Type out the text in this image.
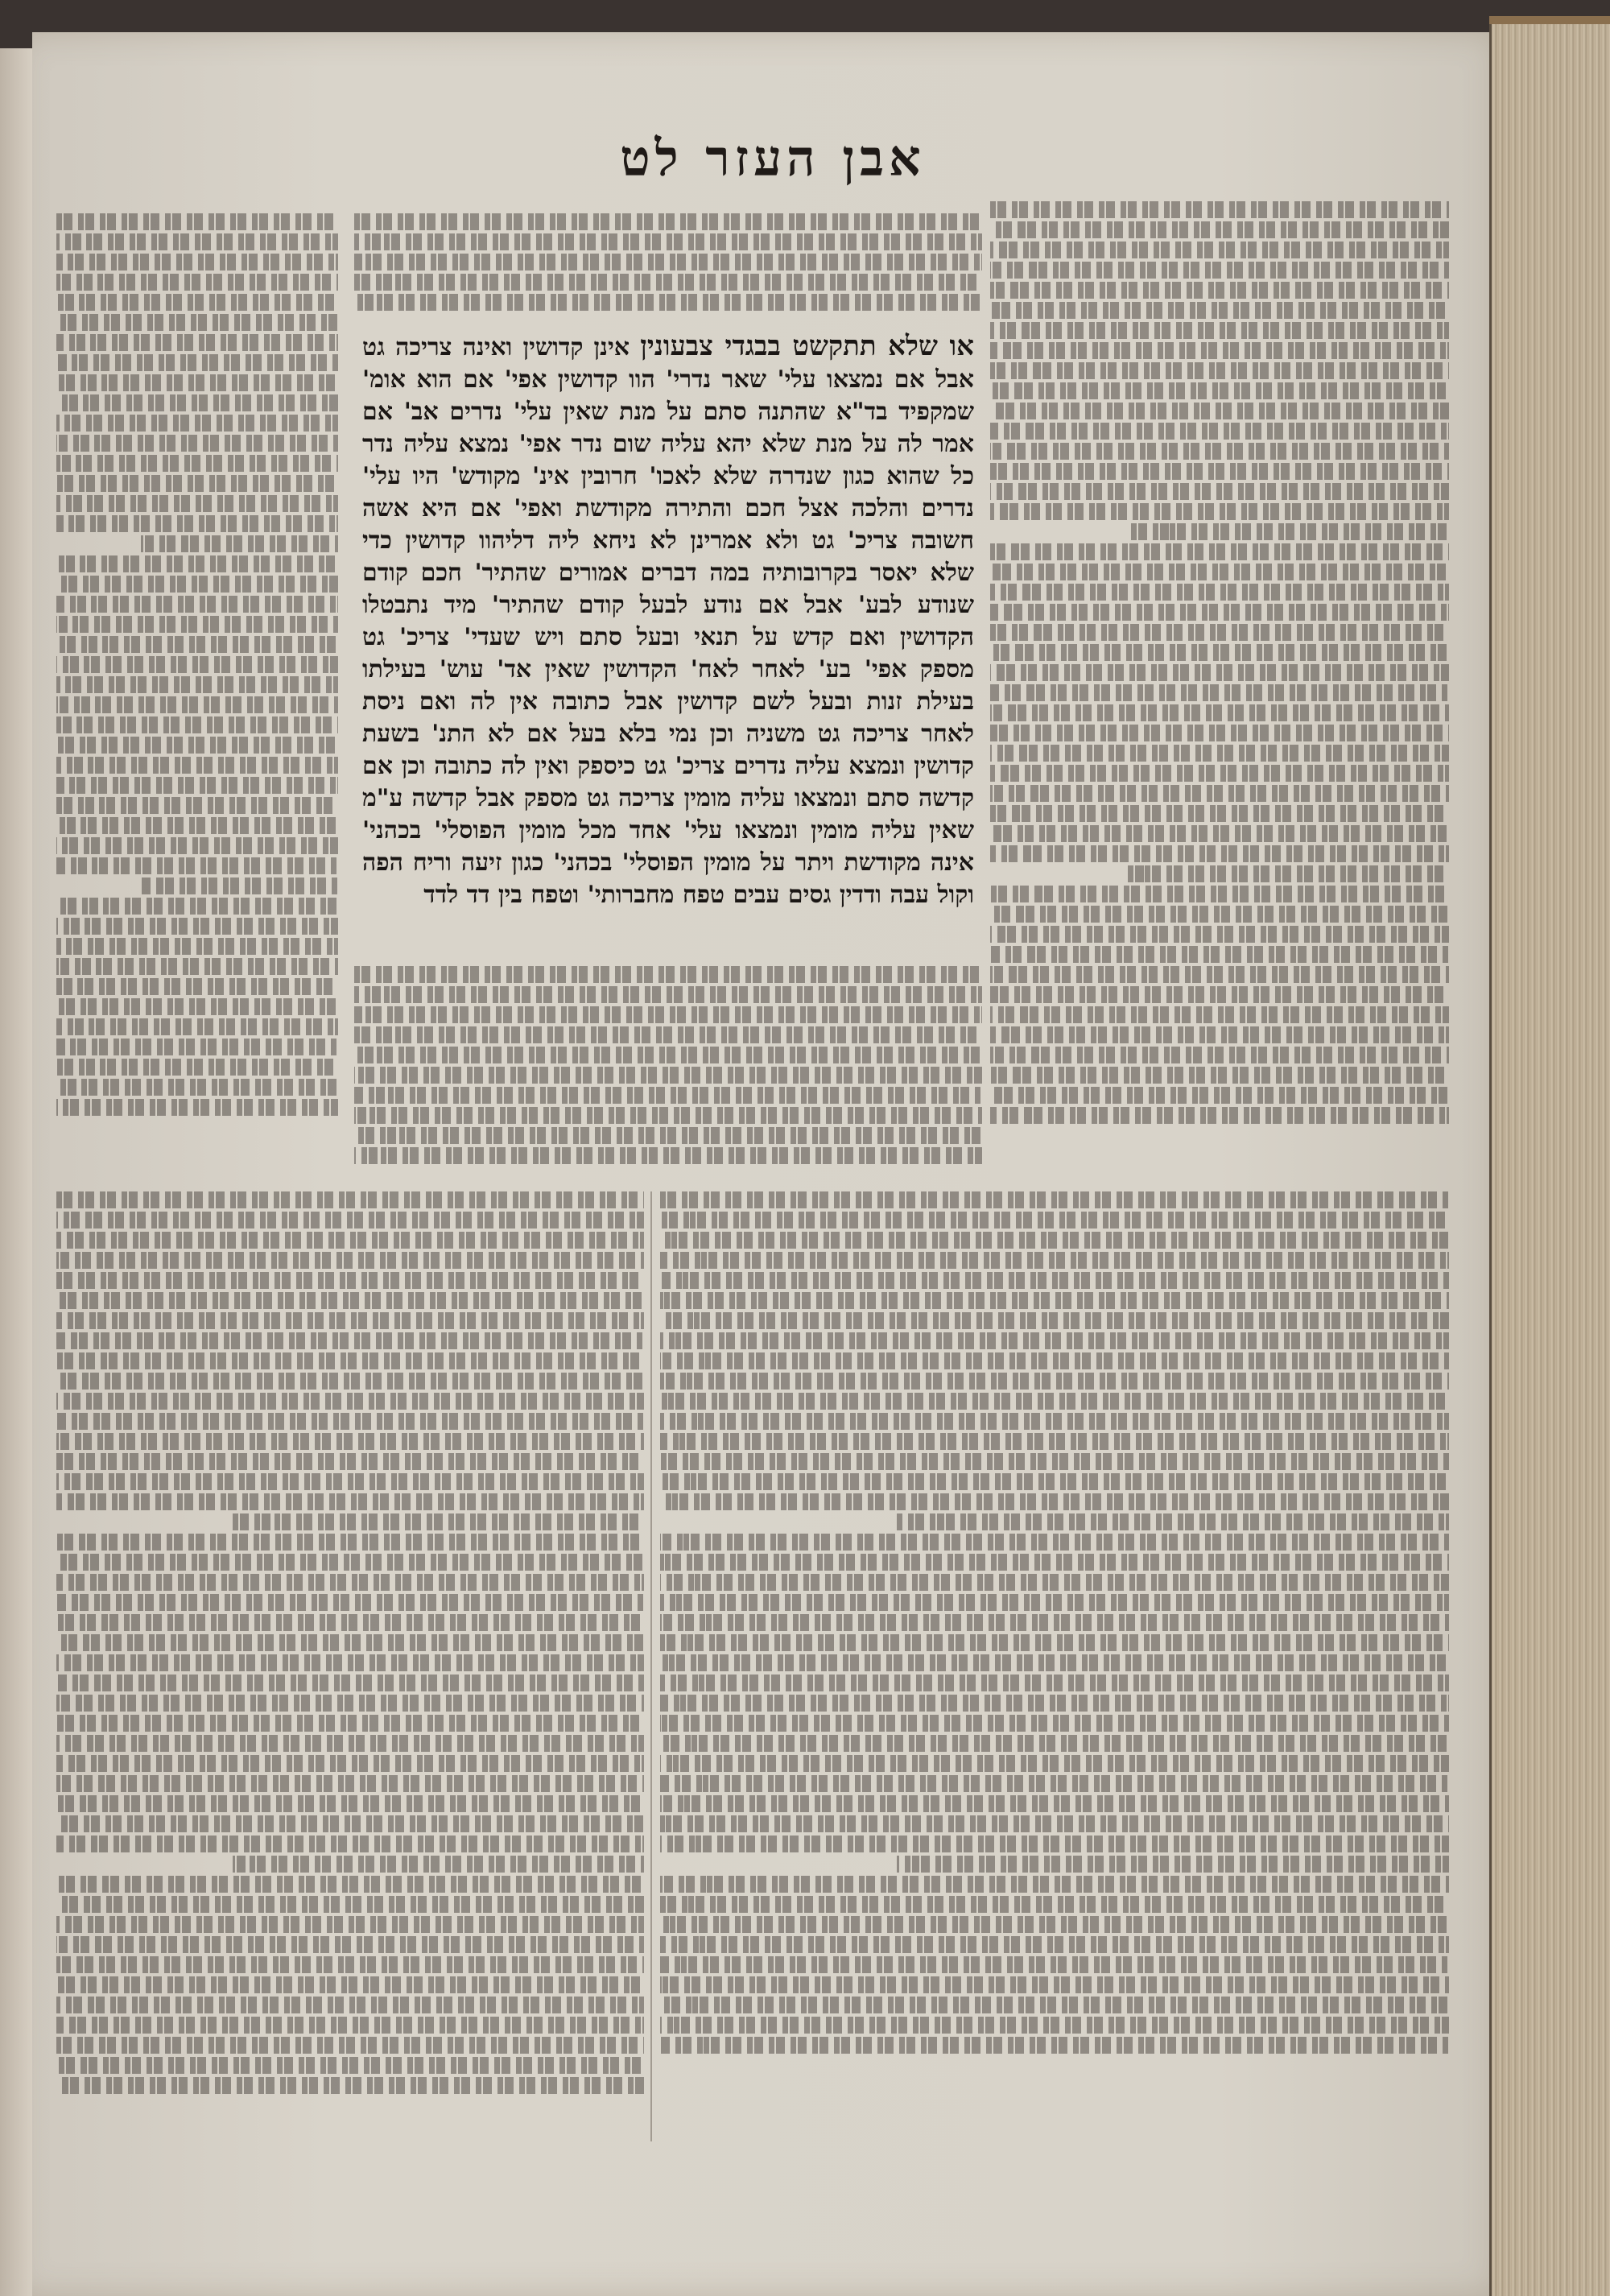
אבן העזר לט
או שלא תתקשט בבגדי צבעונין אינן קדושין ואינה צריכה גט אבל אם נמצאו עלי' שאר נדרי' הוו קדושין אפי' אם הוא אומ' שמקפיד בד"א שהתנה סתם על מנת שאין עלי' נדרים אב' אם אמר לה על מנת שלא יהא עליה שום נדר אפי' נמצא עליה נדר כל שהוא כגון שנדרה שלא לאכו' חרובין אינ' מקודש' היו עלי' נדרים והלכה אצל חכם והתירה מקודשת ואפי' אם היא אשה חשובה צריכ' גט ולא אמרינן לא ניחא ליה דליהוו קדושין כדי שלא יאסר בקרובותיה במה דברים אמורים שהתיר' חכם קודם שנודע לבע' אבל אם נודע לבעל קודם שהתיר' מיד נתבטלו הקדושין ואם קדש על תנאי ובעל סתם ויש שעדי' צריכ' גט מספק אפי' בע' לאחר לאח' הקדושין שאין אד' עוש' בעילתו בעילת זנות ובעל לשם קדושין אבל כתובה אין לה ואם ניסת לאחר צריכה גט משניה וכן נמי בלא בעל אם לא התנ' בשעת קדושין ונמצא עליה נדרים צריכ' גט כיספק ואין לה כתובה וכן אם קדשה סתם ונמצאו עליה מומין צריכה גט מספק אבל קדשה ע"מ שאין עליה מומין ונמצאו עלי' אחד מכל מומין הפוסלי' בכהני' אינה מקודשת ויתר על מומין הפוסלי' בכהני' כגון זיעה וריח הפה וקול עבה ודדין גסים עבים טפח מחברותי' וטפח בין דד לדד
